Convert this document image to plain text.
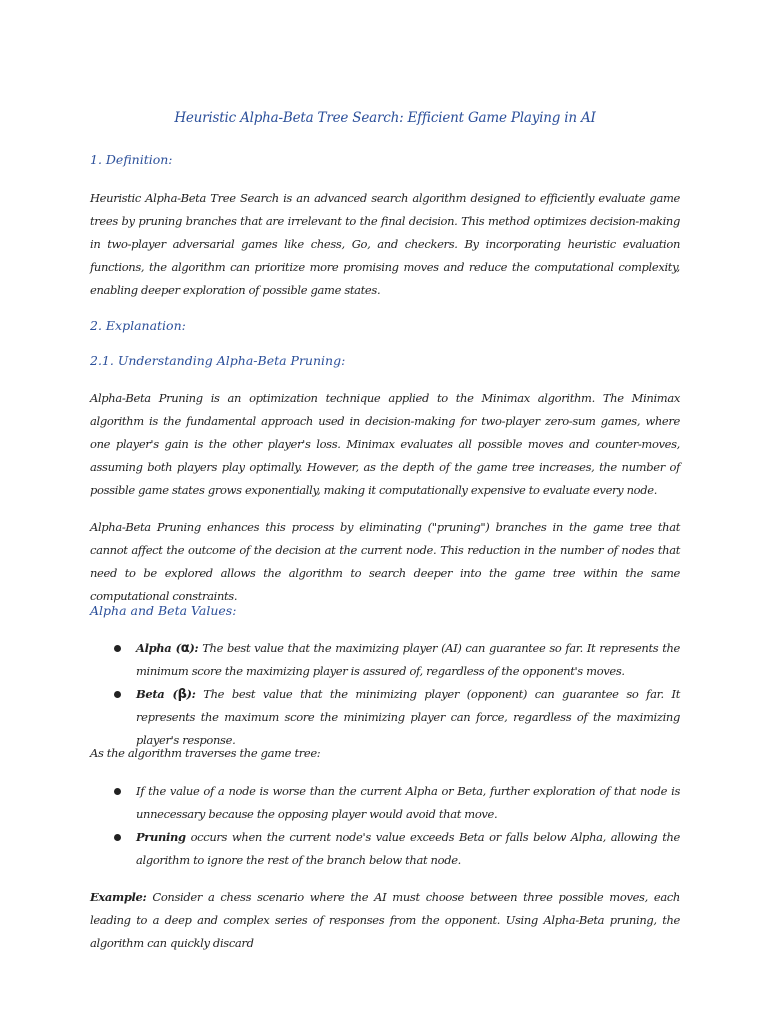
Heuristic Alpha-Beta Tree Search: Efficient Game Playing in AI
1. Definition:

Heuristic Alpha-Beta Tree Search is an advanced search algorithm designed to efficiently evaluate game trees by pruning branches that are irrelevant to the final decision. This method optimizes decision-making in two-player adversarial games like chess, Go, and checkers. By incorporating heuristic evaluation functions, the algorithm can prioritize more promising moves and reduce the computational complexity, enabling deeper exploration of possible game states.

2. Explanation:
2.1. Understanding Alpha-Beta Pruning:

Alpha-Beta Pruning is an optimization technique applied to the Minimax algorithm. The Minimax algorithm is the fundamental approach used in decision-making for two-player zero-sum games, where one player's gain is the other player's loss. Minimax evaluates all possible moves and counter-moves, assuming both players play optimally. However, as the depth of the game tree increases, the number of possible game states grows exponentially, making it computationally expensive to evaluate every node.

Alpha-Beta Pruning enhances this process by eliminating ("pruning") branches in the game tree that cannot affect the outcome of the decision at the current node. This reduction in the number of nodes that need to be explored allows the algorithm to search deeper into the game tree within the same computational constraints.

Alpha and Beta Values:
Alpha (α): The best value that the maximizing player (AI) can guarantee so far. It represents the minimum score the maximizing player is assured of, regardless of the opponent's moves.
Beta (β): The best value that the minimizing player (opponent) can guarantee so far. It represents the maximum score the minimizing player can force, regardless of the maximizing player's response.

As the algorithm traverses the game tree:

If the value of a node is worse than the current Alpha or Beta, further exploration of that node is unnecessary because the opposing player would avoid that move.
Pruning occurs when the current node's value exceeds Beta or falls below Alpha, allowing the algorithm to ignore the rest of the branch below that node.

Example: Consider a chess scenario where the AI must choose between three possible moves, each leading to a deep and complex series of responses from the opponent. Using Alpha-Beta pruning, the algorithm can quickly discard
